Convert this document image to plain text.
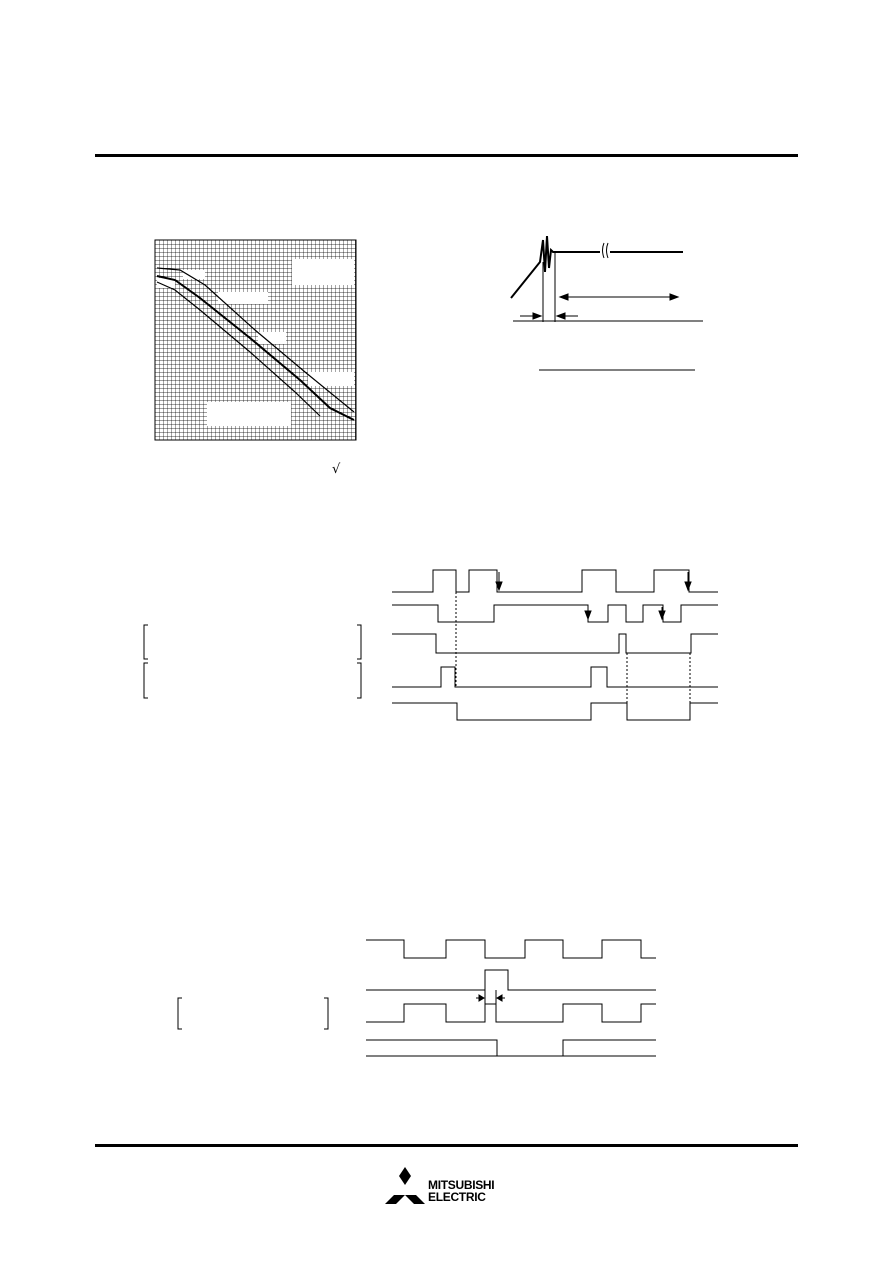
√
MITSUBISHI
ELECTRIC
